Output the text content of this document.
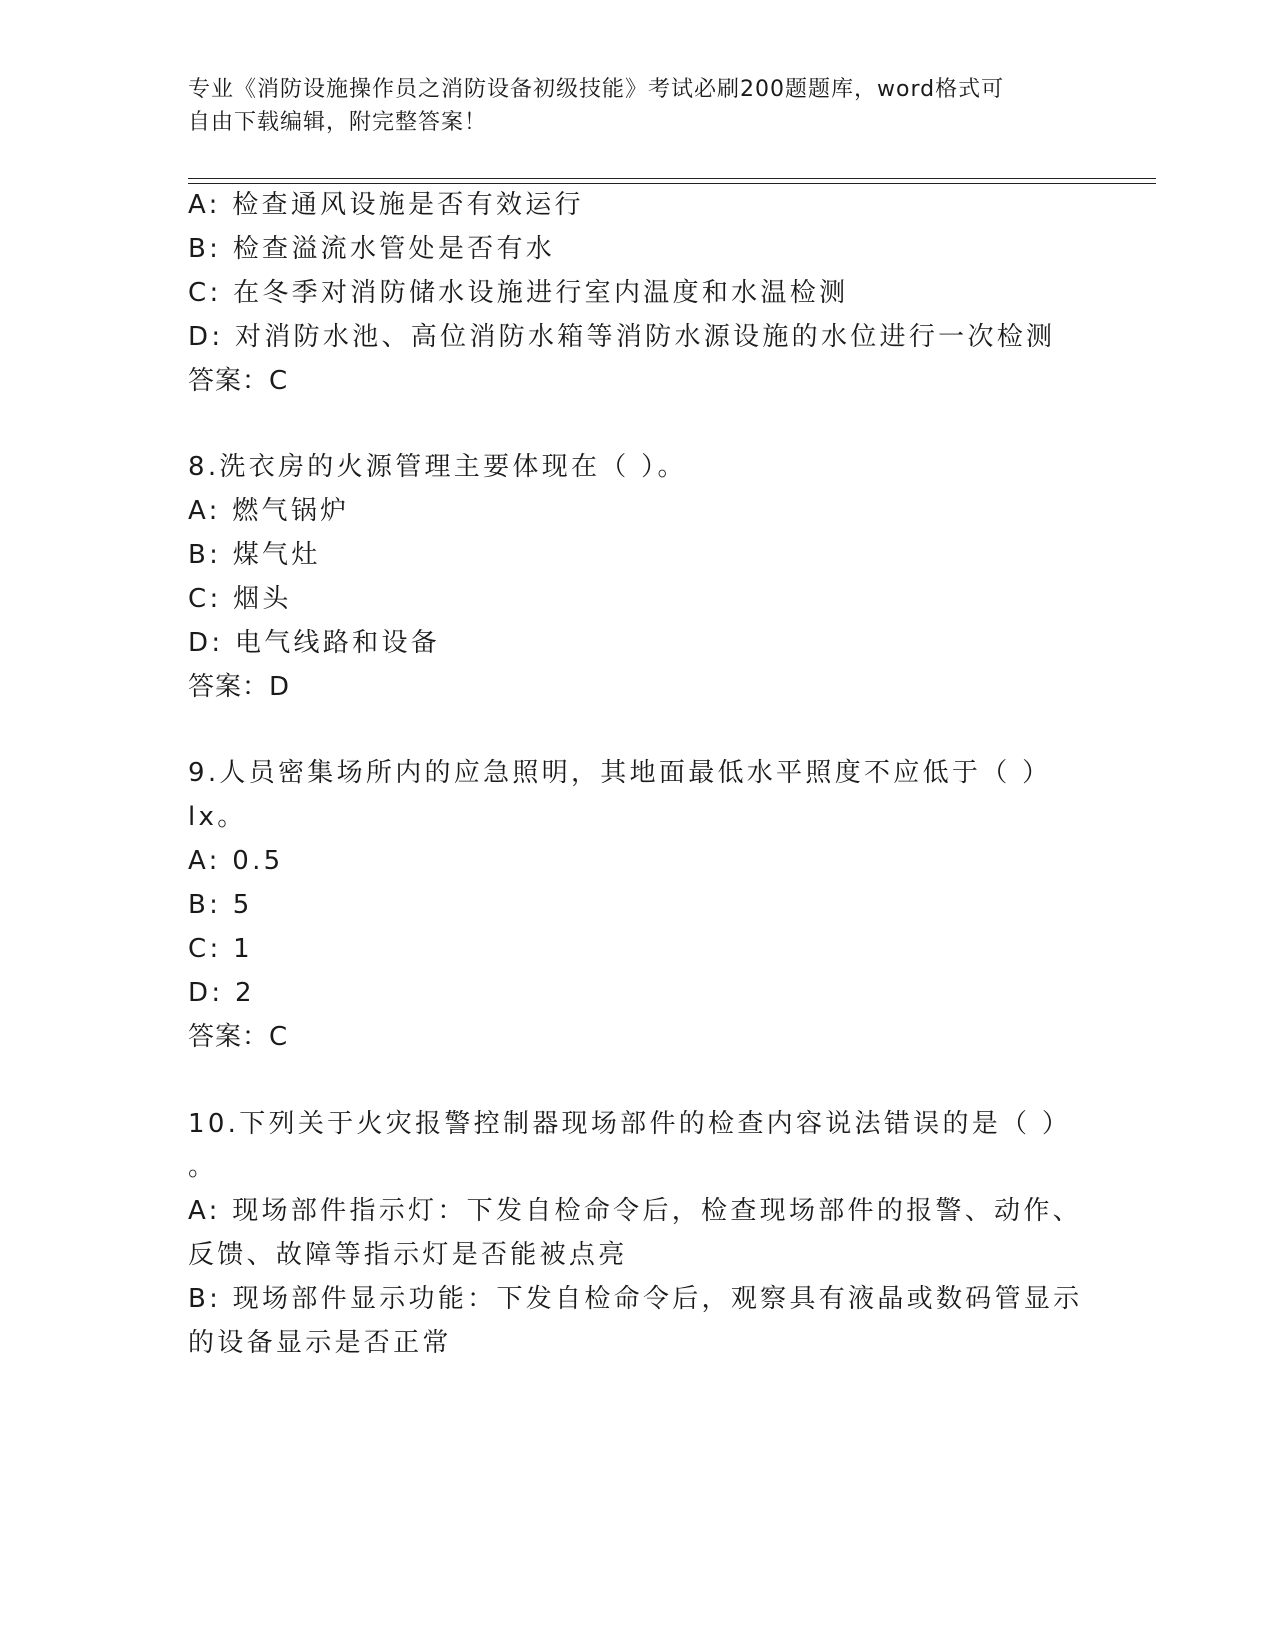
专业《消防设施操作员之消防设备初级技能》考试必刷200题题库，word格式可
自由下载编辑，附完整答案！
A: 检查通风设施是否有效运行
B: 检查溢流水管处是否有水
C: 在冬季对消防储水设施进行室内温度和水温检测
D: 对消防水池、高位消防水箱等消防水源设施的水位进行一次检测
答案：C
8.洗衣房的火源管理主要体现在（ ）。
A: 燃气锅炉
B: 煤气灶
C: 烟头
D: 电气线路和设备
答案：D
9.人员密集场所内的应急照明，其地面最低水平照度不应低于（ ）
lx。
A: 0.5
B: 5
C: 1
D: 2
答案：C
10.下列关于火灾报警控制器现场部件的检查内容说法错误的是（ ）
。
A: 现场部件指示灯：下发自检命令后，检查现场部件的报警、动作、
反馈、故障等指示灯是否能被点亮
B: 现场部件显示功能：下发自检命令后，观察具有液晶或数码管显示
的设备显示是否正常
